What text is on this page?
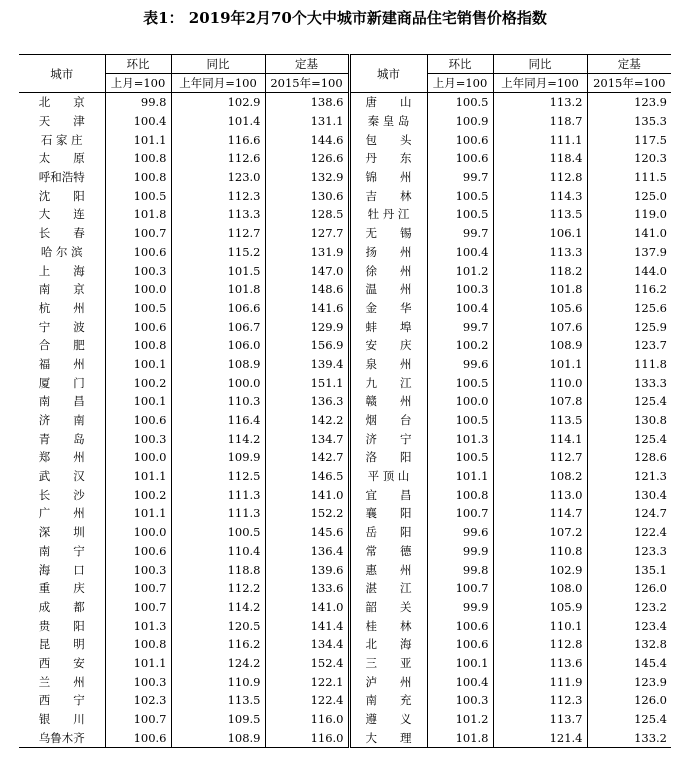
表1： 2019年2月70个大中城市新建商品住宅销售价格指数
城市	环比	同比	定基	城市	环比	同比	定基
	上月=100	上年同月=100	2015年=100		上月=100	上年同月=100	2015年=100
北　　京	99.8	102.9	138.6	唐　　山	100.5	113.2	123.9
天　　津	100.4	101.4	131.1	秦 皇 岛	100.9	118.7	135.3
石 家 庄	101.1	116.6	144.6	包　　头	100.6	111.1	117.5
太　　原	100.8	112.6	126.6	丹　　东	100.6	118.4	120.3
呼和浩特	100.8	123.0	132.9	锦　　州	99.7	112.8	111.5
沈　　阳	100.5	112.3	130.6	吉　　林	100.5	114.3	125.0
大　　连	101.8	113.3	128.5	牡 丹 江	100.5	113.5	119.0
长　　春	100.7	112.7	127.7	无　　锡	99.7	106.1	141.0
哈 尔 滨	100.6	115.2	131.9	扬　　州	100.4	113.3	137.9
上　　海	100.3	101.5	147.0	徐　　州	101.2	118.2	144.0
南　　京	100.0	101.8	148.6	温　　州	100.3	101.8	116.2
杭　　州	100.5	106.6	141.6	金　　华	100.4	105.6	125.6
宁　　波	100.6	106.7	129.9	蚌　　埠	99.7	107.6	125.9
合　　肥	100.8	106.0	156.9	安　　庆	100.2	108.9	123.7
福　　州	100.1	108.9	139.4	泉　　州	99.6	101.1	111.8
厦　　门	100.2	100.0	151.1	九　　江	100.5	110.0	133.3
南　　昌	100.1	110.3	136.3	赣　　州	100.0	107.8	125.4
济　　南	100.6	116.4	142.2	烟　　台	100.5	113.5	130.8
青　　岛	100.3	114.2	134.7	济　　宁	101.3	114.1	125.4
郑　　州	100.0	109.9	142.7	洛　　阳	100.5	112.7	128.6
武　　汉	101.1	112.5	146.5	平 顶 山	101.1	108.2	121.3
长　　沙	100.2	111.3	141.0	宜　　昌	100.8	113.0	130.4
广　　州	101.1	111.3	152.2	襄　　阳	100.7	114.7	124.7
深　　圳	100.0	100.5	145.6	岳　　阳	99.6	107.2	122.4
南　　宁	100.6	110.4	136.4	常　　德	99.9	110.8	123.3
海　　口	100.3	118.8	139.6	惠　　州	99.8	102.9	135.1
重　　庆	100.7	112.2	133.6	湛　　江	100.7	108.0	126.0
成　　都	100.7	114.2	141.0	韶　　关	99.9	105.9	123.2
贵　　阳	101.3	120.5	141.4	桂　　林	100.6	110.1	123.4
昆　　明	100.8	116.2	134.4	北　　海	100.6	112.8	132.8
西　　安	101.1	124.2	152.4	三　　亚	100.1	113.6	145.4
兰　　州	100.3	110.9	122.1	泸　　州	100.4	111.9	123.9
西　　宁	102.3	113.5	122.4	南　　充	100.3	112.3	126.0
银　　川	100.7	109.5	116.0	遵　　义	101.2	113.7	125.4
乌鲁木齐	100.6	108.9	116.0	大　　理	101.8	121.4	133.2
